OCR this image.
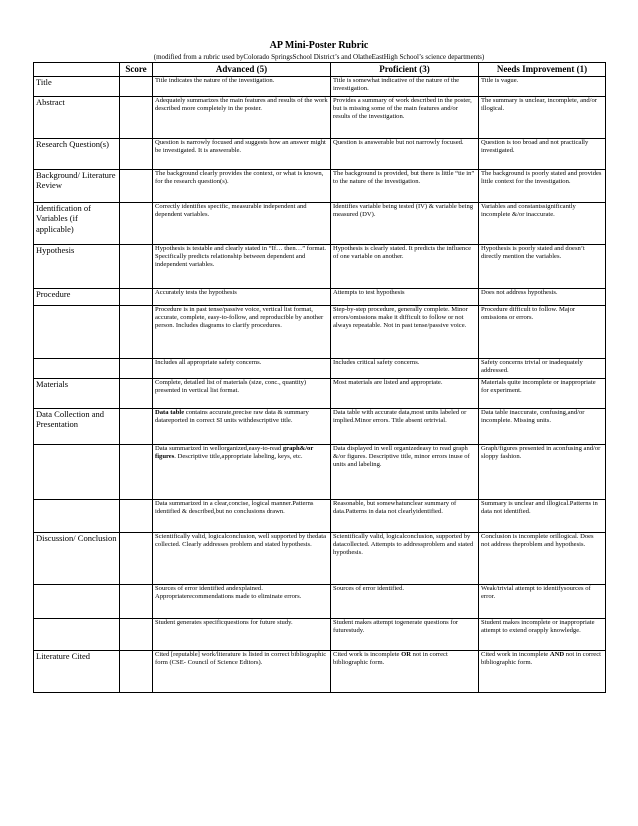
AP Mini-Poster Rubric
(modified from a rubric used byColorado SpringsSchool District’s and OlatheEastHigh School’s science departments)
	Score	Advanced (5)	Proficient (3)	Needs Improvement (1)
Title		Title indicates the nature of the investigation.	Title is somewhat indicative of the nature of the investigation.	Title is vague.
Abstract		Adequately summarizes the main features and results of the work described more completely in the poster.	Provides a summary of work described in the poster, but is missing some of the main features and/or results of the investigation.	The summary is unclear, incomplete, and/or illogical.
Research Question(s)		Question is narrowly focused and suggests how an answer might be investigated. It is answerable.	Question is answerable but not narrowly focused.	Question is too broad and not practically investigated.
Background/ Literature Review		The background clearly provides the context, or what is known, for the research question(s).	The background is provided, but there is little “tie in” to the nature of the investigation.	The background is poorly stated and provides little context for the investigation.
Identification of Variables (if applicable)		Correctly identifies specific, measurable independent and dependent variables.	Identifies variable being tested (IV) & variable being measured (DV).	Variables and constantssignificantly incomplete &/or inaccurate.
Hypothesis		Hypothesis is testable and clearly stated in “If… then…” format. Specifically predicts relationship between dependent and independent variables.	Hypothesis is clearly stated. It predicts the influence of one variable on another.	Hypothesis is poorly stated and doesn’t directly mention the variables.
Procedure		Accurately tests the hypothesis	Attempts to test hypothesis	Does not address hypothesis.
		Procedure is in past tense/passive voice, vertical list format, accurate, complete, easy-to-follow, and reproducible by another person. Includes diagrams to clarify procedures.	Step-by-step procedure, generally complete. Minor errors/omissions make it difficult to follow or not always repeatable. Not in past tense/passive voice.	Procedure difficult to follow. Major omissions or errors.
		Includes all appropriate safety concerns.	Includes critical safety concerns.	Safety concerns trivial or inadequately addressed.
Materials		Complete, detailed list of materials (size, conc., quantity) presented in vertical list format.	Most materials are listed and appropriate.	Materials quite incomplete or inappropriate for experiment.
Data Collection and Presentation		Data table contains accurate,precise raw data & summary datareported in correct SI units withdescriptive title.	Data table with accurate data,most units labeled or implied.Minor errors. Title absent ortrivial.	Data table inaccurate, confusing,and/or incomplete. Missing units.
		Data summarized in wellorganized,easy-to-read graph&/or figures. Descriptive title,appropriate labeling, keys, etc.	Data displayed in well organizedeasy to read graph &/or figures. Descriptive title, minor errors inuse of units and labeling.	Graph/figures presented in aconfusing and/or sloppy fashion.
		Data summarized in a clear,concise, logical manner.Patterns identified & described,but no conclusions drawn.	Reasonable, but somewhatunclear summary of data.Patterns in data not clearlyidentified.	Summary is unclear and illogical.Patterns in data not identified.
Discussion/ Conclusion		Scientifically valid, logicalconclusion, well supported by thedata collected. Clearly addresses problem and stated hypothesis.	Scientifically valid, logicalconclusion, supported by datacollected. Attempts to addressproblem and stated hypothesis.	Conclusion is incomplete orillogical. Does not address theproblem and hypothesis.
		Sources of error identified andexplained. Appropriaterecommendations made to eliminate errors.	Sources of error identified.	Weak/trivial attempt to identifysources of error.
		Student generates specificquestions for future study.	Student makes attempt togenerate questions for futurestudy.	Student makes incomplete or inappropriate attempt to extend orapply knowledge.
Literature Cited		Cited [reputable] work/literature is listed in correct bibliographic form (CSE- Council of Science Editors).	Cited work is incomplete OR not in correct bibliographic form.	Cited work in incomplete AND not in correct bibliographic form.
